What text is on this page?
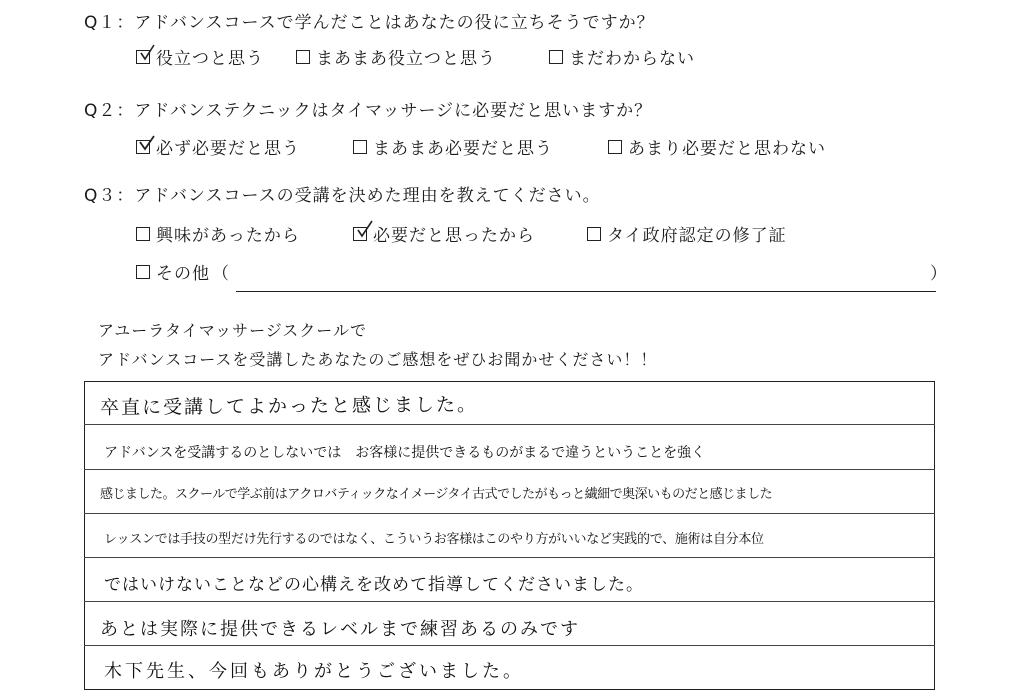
Q１：アドバンスコースで学んだことはあなたの役に立ちそうですか？
役立つと思う	まあまあ役立つと思う	まだわからない
Q２：アドバンステクニックはタイマッサージに必要だと思いますか？
必ず必要だと思う	まあまあ必要だと思う	あまり必要だと思わない
Q３：アドバンスコースの受講を決めた理由を教えてください。
興味があったから	必要だと思ったから	タイ政府認定の修了証
その他 （	）
アユーラタイマッサージスクールで
アドバンスコースを受講したあなたのご感想をぜひお聞かせください！！
卒直に受講してよかったと感じました。
アドバンスを受講するのとしないでは　お客様に提供できるものがまるで違うということを強く
感じました。スクールで学ぶ前はアクロバティックなイメージタイ古式でしたがもっと繊細で奥深いものだと感じました
レッスンでは手技の型だけ先行するのではなく、こういうお客様はこのやり方がいいなど実践的で、施術は自分本位
ではいけないことなどの心構えを改めて指導してくださいました。
あとは実際に提供できるレベルまで練習あるのみです
木下先生、今回もありがとうございました。
